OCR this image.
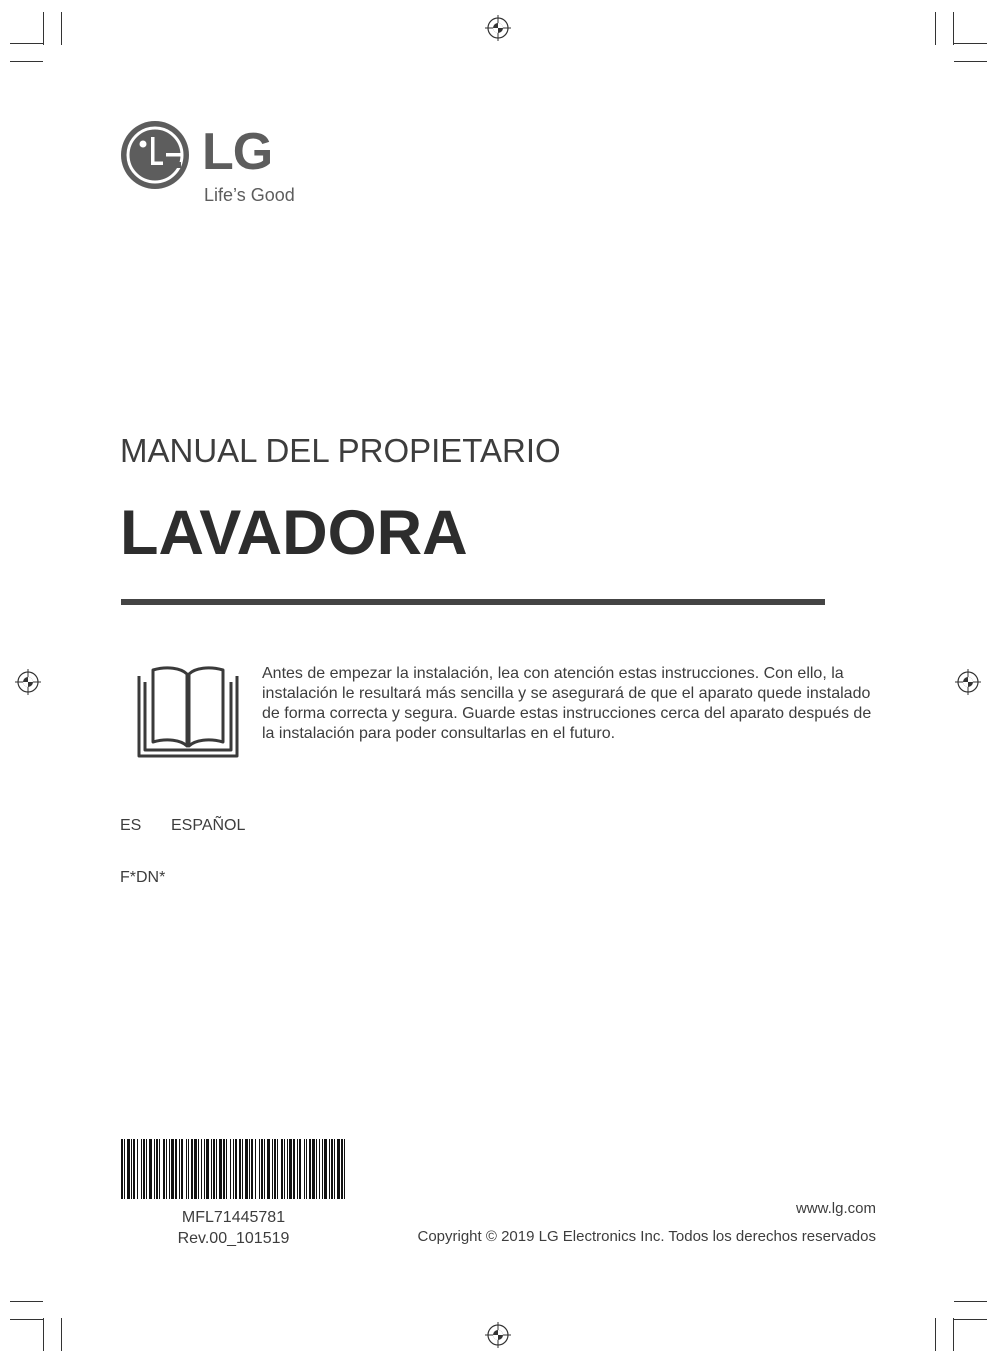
LG
Life’s Good
MANUAL DEL PROPIETARIO
LAVADORA
Antes de empezar la instalación, lea con atención estas instrucciones. Con ello, la instalación le resultará más sencilla y se asegurará de que el aparato quede instalado de forma correcta y segura. Guarde estas instrucciones cerca del aparato después de la instalación para poder consultarlas en el futuro.
ES ESPAÑOL
F*DN*
MFL71445781
Rev.00_101519
www.lg.com
Copyright © 2019 LG Electronics Inc. Todos los derechos reservados
